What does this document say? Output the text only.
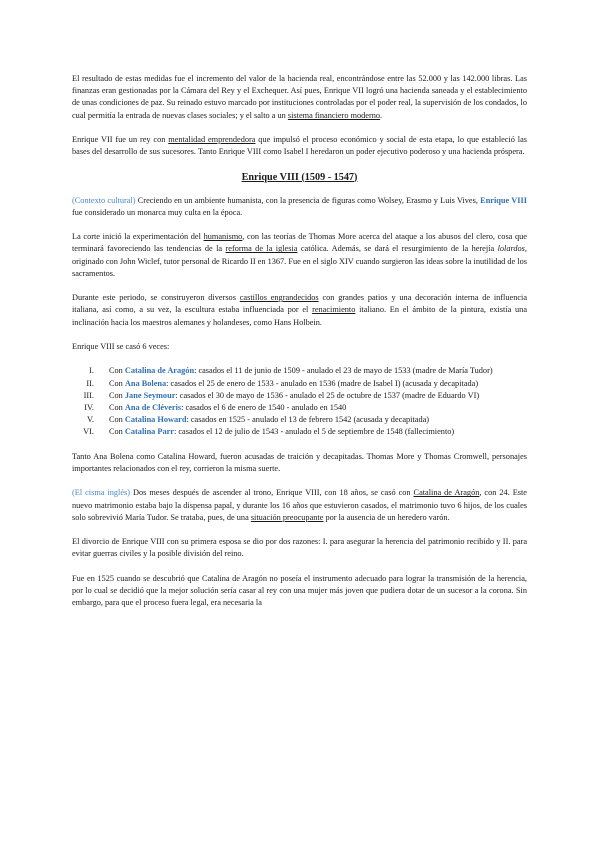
El resultado de estas medidas fue el incremento del valor de la hacienda real, encontrándose entre las 52.000 y las 142.000 libras. Las finanzas eran gestionadas por la Cámara del Rey y el Exchequer. Así pues, Enrique VII logró una hacienda saneada y el establecimiento de unas condiciones de paz. Su reinado estuvo marcado por instituciones controladas por el poder real, la supervisión de los condados, lo cual permitía la entrada de nuevas clases sociales; y el salto a un sistema financiero moderno.

Enrique VII fue un rey con mentalidad emprendedora que impulsó el proceso económico y social de esta etapa, lo que estableció las bases del desarrollo de sus sucesores. Tanto Enrique VIII como Isabel I heredaron un poder ejecutivo poderoso y una hacienda próspera.

Enrique VIII (1509 - 1547)

(Contexto cultural) Creciendo en un ambiente humanista, con la presencia de figuras como Wolsey, Erasmo y Luis Vives, Enrique VIII fue considerado un monarca muy culta en la época.

La corte inició la experimentación del humanismo, con las teorías de Thomas More acerca del ataque a los abusos del clero, cosa que terminará favoreciendo las tendencias de la reforma de la iglesia católica. Además, se dará el resurgimiento de la herejía lolardos, originado con John Wiclef, tutor personal de Ricardo II en 1367. Fue en el siglo XIV cuando surgieron las ideas sobre la inutilidad de los sacramentos.

Durante este periodo, se construyeron diversos castillos engrandecidos con grandes patios y una decoración interna de influencia italiana, así como, a su vez, la escultura estaba influenciada por el renacimiento italiano. En el ámbito de la pintura, existía una inclinación hacia los maestros alemanes y holandeses, como Hans Holbein.

Enrique VIII se casó 6 veces:

I. Con Catalina de Aragón: casados el 11 de junio de 1509 - anulado el 23 de mayo de 1533 (madre de María Tudor)
II. Con Ana Bolena: casados el 25 de enero de 1533 - anulado en 1536 (madre de Isabel I) (acusada y decapitada)
III. Con Jane Seymour: casados el 30 de mayo de 1536 - anulado el 25 de octubre de 1537 (madre de Eduardo VI)
IV. Con Ana de Cléveris: casados el 6 de enero de 1540 - anulado en 1540
V. Con Catalina Howard: casados en 1525 - anulado el 13 de febrero 1542 (acusada y decapitada)
VI. Con Catalina Parr: casados el 12 de julio de 1543 - anulado el 5 de septiembre de 1548 (fallecimiento)

Tanto Ana Bolena como Catalina Howard, fueron acusadas de traición y decapitadas. Thomas More y Thomas Cromwell, personajes importantes relacionados con el rey, corrieron la misma suerte.

(El cisma inglés) Dos meses después de ascender al trono, Enrique VIII, con 18 años, se casó con Catalina de Aragón, con 24. Este nuevo matrimonio estaba bajo la dispensa papal, y durante los 16 años que estuvieron casados, el matrimonio tuvo 6 hijos, de los cuales solo sobrevivió María Tudor. Se trataba, pues, de una situación preocupante por la ausencia de un heredero varón.

El divorcio de Enrique VIII con su primera esposa se dio por dos razones: I. para asegurar la herencia del patrimonio recibido y II. para evitar guerras civiles y la posible división del reino.

Fue en 1525 cuando se descubrió que Catalina de Aragón no poseía el instrumento adecuado para lograr la transmisión de la herencia, por lo cual se decidió que la mejor solución sería casar al rey con una mujer más joven que pudiera dotar de un sucesor a la corona. Sin embargo, para que el proceso fuera legal, era necesaria la
